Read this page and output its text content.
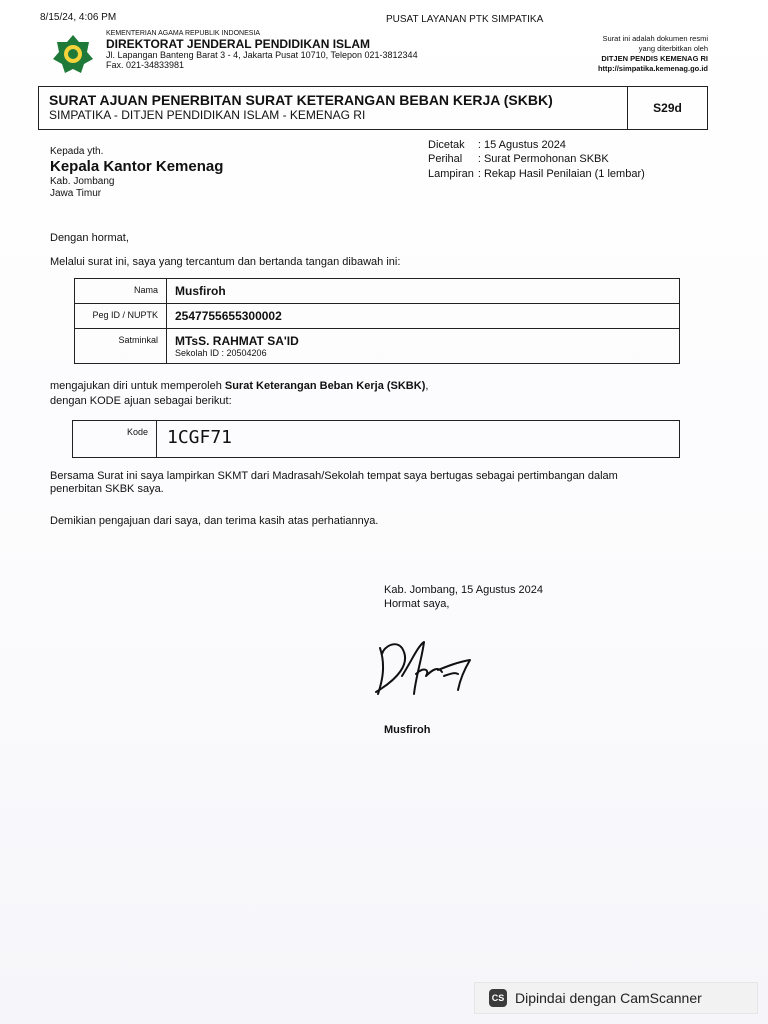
8/15/24, 4:06 PM	PUSAT LAYANAN PTK SIMPATIKA
KEMENTERIAN AGAMA REPUBLIK INDONESIA
DIREKTORAT JENDERAL PENDIDIKAN ISLAM
Jl. Lapangan Banteng Barat 3 - 4, Jakarta Pusat 10710, Telepon 021-3812344
Fax. 021-34833981
Surat ini adalah dokumen resmi
yang diterbitkan oleh
DITJEN PENDIS KEMENAG RI
http://simpatika.kemenag.go.id
SURAT AJUAN PENERBITAN SURAT KETERANGAN BEBAN KERJA (SKBK)
SIMPATIKA - DITJEN PENDIDIKAN ISLAM - KEMENAG RI	S29d
Kepada yth.
Kepala Kantor Kemenag
Kab. Jombang
Jawa Timur
Dicetak	: 15 Agustus 2024
Perihal	: Surat Permohonan SKBK
Lampiran	: Rekap Hasil Penilaian (1 lembar)
Dengan hormat,
Melalui surat ini, saya yang tercantum dan bertanda tangan dibawah ini:
Nama	Musfiroh
Peg ID / NUPTK	2547755655300002
Satminkal	MTsS. RAHMAT SA'ID
Sekolah ID : 20504206
mengajukan diri untuk memperoleh Surat Keterangan Beban Kerja (SKBK),
dengan KODE ajuan sebagai berikut:
Kode	1CGF71
Bersama Surat ini saya lampirkan SKMT dari Madrasah/Sekolah tempat saya bertugas sebagai pertimbangan dalam
penerbitan SKBK saya.
Demikian pengajuan dari saya, dan terima kasih atas perhatiannya.
Kab. Jombang, 15 Agustus 2024
Hormat saya,
Musfiroh
CS Dipindai dengan CamScanner
